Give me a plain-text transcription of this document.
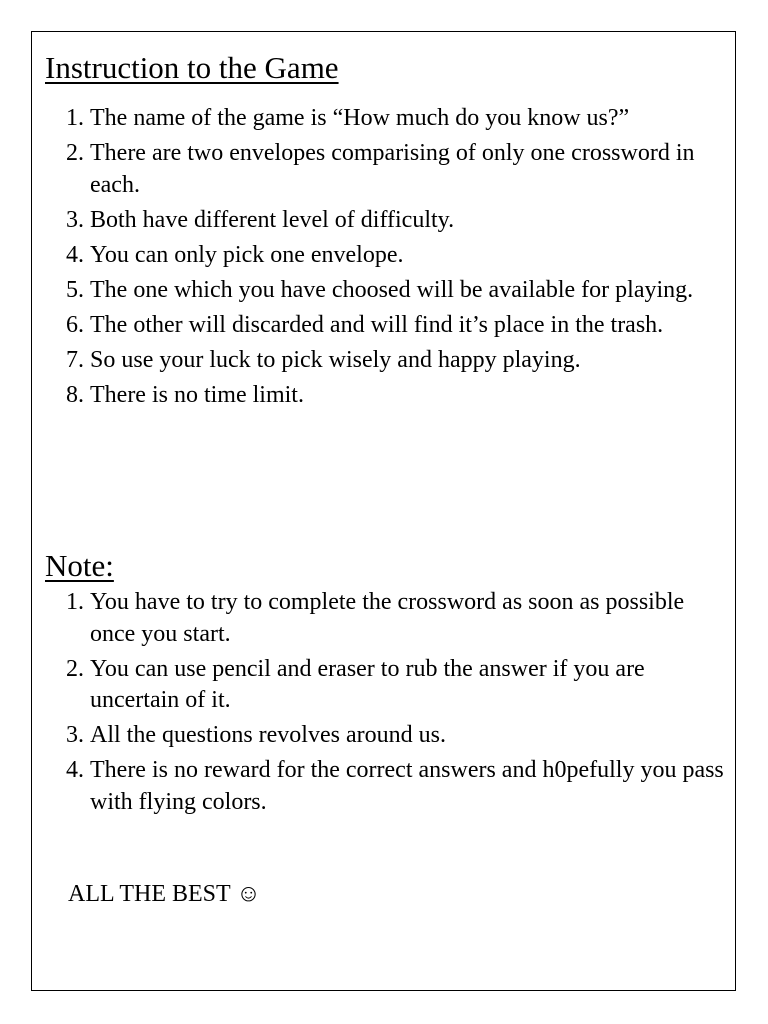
Instruction to the Game
1. The name of the game is “How much do you know us?”
2. There are two envelopes comparising of only one crossword in each.
3. Both have different level of difficulty.
4. You can only pick one envelope.
5. The one which you have choosed will be available for playing.
6. The other will discarded and will find it’s place in the trash.
7. So use your luck to pick wisely and happy playing.
8. There is no time limit.
Note:
1. You have to try to complete the crossword as soon as possible once you start.
2. You can use pencil and eraser to rub the answer if you are uncertain of it.
3. All the questions revolves around us.
4. There is no reward for the correct answers and h0pefully you pass with flying colors.

ALL THE BEST ☺
